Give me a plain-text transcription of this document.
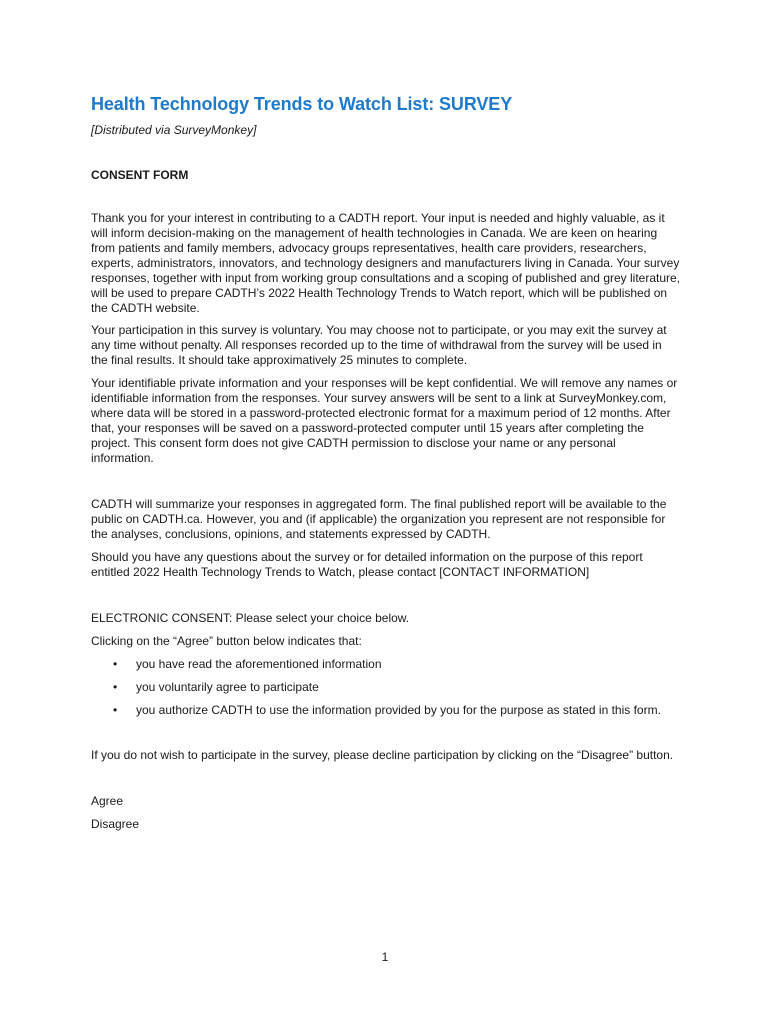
Health Technology Trends to Watch List: SURVEY
[Distributed via SurveyMonkey]
CONSENT FORM

Thank you for your interest in contributing to a CADTH report. Your input is needed and highly valuable, as it will inform decision-making on the management of health technologies in Canada. We are keen on hearing from patients and family members, advocacy groups representatives, health care providers, researchers, experts, administrators, innovators, and technology designers and manufacturers living in Canada. Your survey responses, together with input from working group consultations and a scoping of published and grey literature, will be used to prepare CADTH’s 2022 Health Technology Trends to Watch report, which will be published on the CADTH website.

Your participation in this survey is voluntary. You may choose not to participate, or you may exit the survey at any time without penalty. All responses recorded up to the time of withdrawal from the survey will be used in the final results. It should take approximatively 25 minutes to complete.

Your identifiable private information and your responses will be kept confidential. We will remove any names or identifiable information from the responses. Your survey answers will be sent to a link at SurveyMonkey.com, where data will be stored in a password-protected electronic format for a maximum period of 12 months. After that, your responses will be saved on a password-protected computer until 15 years after completing the project. This consent form does not give CADTH permission to disclose your name or any personal information.

CADTH will summarize your responses in aggregated form. The final published report will be available to the public on CADTH.ca. However, you and (if applicable) the organization you represent are not responsible for the analyses, conclusions, opinions, and statements expressed by CADTH.

Should you have any questions about the survey or for detailed information on the purpose of this report entitled 2022 Health Technology Trends to Watch, please contact [CONTACT INFORMATION]

ELECTRONIC CONSENT: Please select your choice below.

Clicking on the “Agree” button below indicates that:

• you have read the aforementioned information
• you voluntarily agree to participate
• you authorize CADTH to use the information provided by you for the purpose as stated in this form.

If you do not wish to participate in the survey, please decline participation by clicking on the “Disagree” button.

Agree
Disagree
1
